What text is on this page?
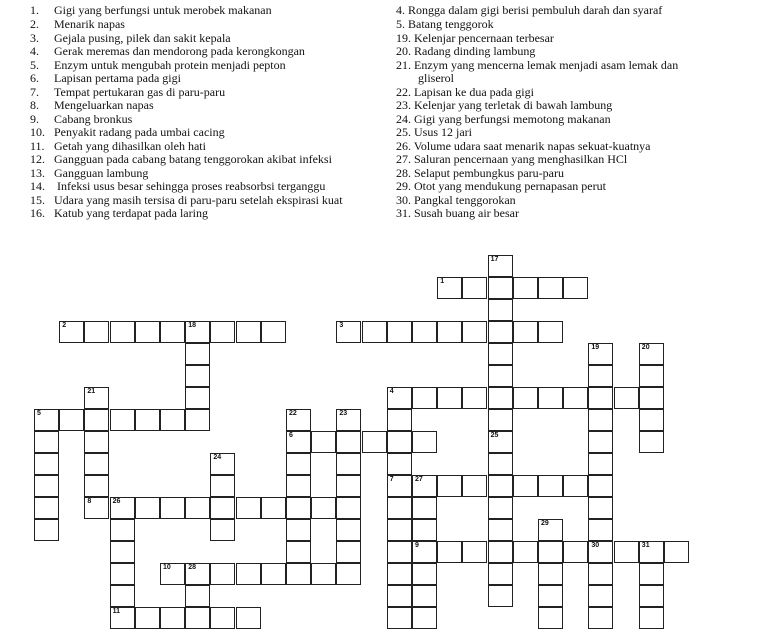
1. Gigi yang berfungsi untuk merobek makanan
2. Menarik napas
3. Gejala pusing, pilek dan sakit kepala
4. Gerak meremas dan mendorong pada kerongkongan
5. Enzym untuk mengubah protein menjadi pepton
6. Lapisan pertama pada gigi
7. Tempat pertukaran gas di paru-paru
8. Mengeluarkan napas
9. Cabang bronkus
10. Penyakit radang pada umbai cacing
11. Getah yang dihasilkan oleh hati
12. Gangguan pada cabang batang tenggorokan akibat infeksi
13. Gangguan lambung
14. Infeksi usus besar sehingga proses reabsorbsi terganggu
15. Udara yang masih tersisa di paru-paru setelah ekspirasi kuat
16. Katub yang terdapat pada laring
4. Rongga dalam gigi berisi pembuluh darah dan syaraf
5. Batang tenggorok
19. Kelenjar pencernaan terbesar
20. Radang dinding lambung
21. Enzym yang mencerna lemak menjadi asam lemak dan
gliserol
22. Lapisan ke dua pada gigi
23. Kelenjar yang terletak di bawah lambung
24. Gigi yang berfungsi memotong makanan
25. Usus 12 jari
26. Volume udara saat menarik napas sekuat-kuatnya
27. Saluran pencernaan yang menghasilkan HCl
28. Selaput pembungkus paru-paru
29. Otot yang mendukung pernapasan perut
30. Pangkal tenggorokan
31. Susah buang air besar
1
2	18	3
4
5
6
7	27
8	26
9	30	31
10 28
11
17
25
19	20
21
22	23
24
29
